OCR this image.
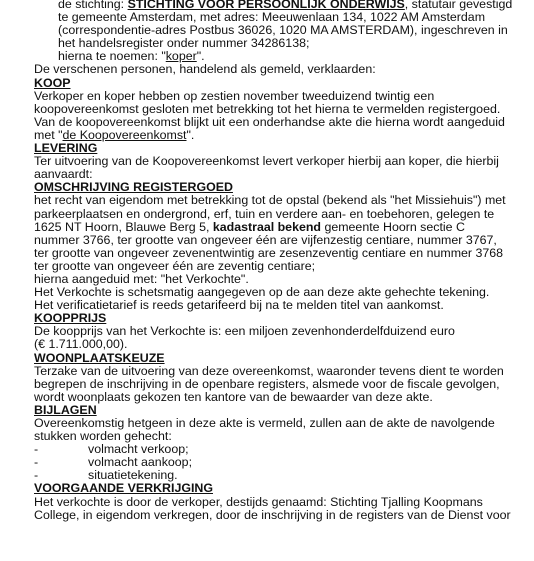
de stichting: STICHTING VOOR PERSOONLIJK ONDERWIJS, statutair gevestigd
te gemeente Amsterdam, met adres: Meeuwenlaan 134, 1022 AM Amsterdam
(correspondentie-adres Postbus 36026, 1020 MA AMSTERDAM), ingeschreven in
het handelsregister onder nummer 34286138;
hierna te noemen: "koper".
De verschenen personen, handelend als gemeld, verklaarden:
KOOP
Verkoper en koper hebben op zestien november tweeduizend twintig een
koopovereenkomst gesloten met betrekking tot het hierna te vermelden registergoed.
Van de koopovereenkomst blijkt uit een onderhandse akte die hierna wordt aangeduid
met "de Koopovereenkomst".
LEVERING
Ter uitvoering van de Koopovereenkomst levert verkoper hierbij aan koper, die hierbij
aanvaardt:
OMSCHRIJVING REGISTERGOED
het recht van eigendom met betrekking tot de opstal (bekend als "het Missiehuis") met
parkeerplaatsen en ondergrond, erf, tuin en verdere aan- en toebehoren, gelegen te
1625 NT Hoorn, Blauwe Berg 5, kadastraal bekend gemeente Hoorn sectie C
nummer 3766, ter grootte van ongeveer één are vijfenzestig centiare, nummer 3767,
ter grootte van ongeveer zevenentwintig are zesenzeventig centiare en nummer 3768
ter grootte van ongeveer één are zeventig centiare;
hierna aangeduid met: "het Verkochte".
Het Verkochte is schetsmatig aangegeven op de aan deze akte gehechte tekening.
Het verificatietarief is reeds getarifeerd bij na te melden titel van aankomst.
KOOPPRIJS
De koopprijs van het Verkochte is: een miljoen zevenhonderdelfduizend euro
(€ 1.711.000,00).
WOONPLAATSKEUZE
Terzake van de uitvoering van deze overeenkomst, waaronder tevens dient te worden
begrepen de inschrijving in de openbare registers, alsmede voor de fiscale gevolgen,
wordt woonplaats gekozen ten kantore van de bewaarder van deze akte.
BIJLAGEN
Overeenkomstig hetgeen in deze akte is vermeld, zullen aan de akte de navolgende
stukken worden gehecht:
-	volmacht verkoop;
-	volmacht aankoop;
-	situatietekening.
VOORGAANDE VERKRIJGING
Het verkochte is door de verkoper, destijds genaamd: Stichting Tjalling Koopmans
College, in eigendom verkregen, door de inschrijving in de registers van de Dienst voor
